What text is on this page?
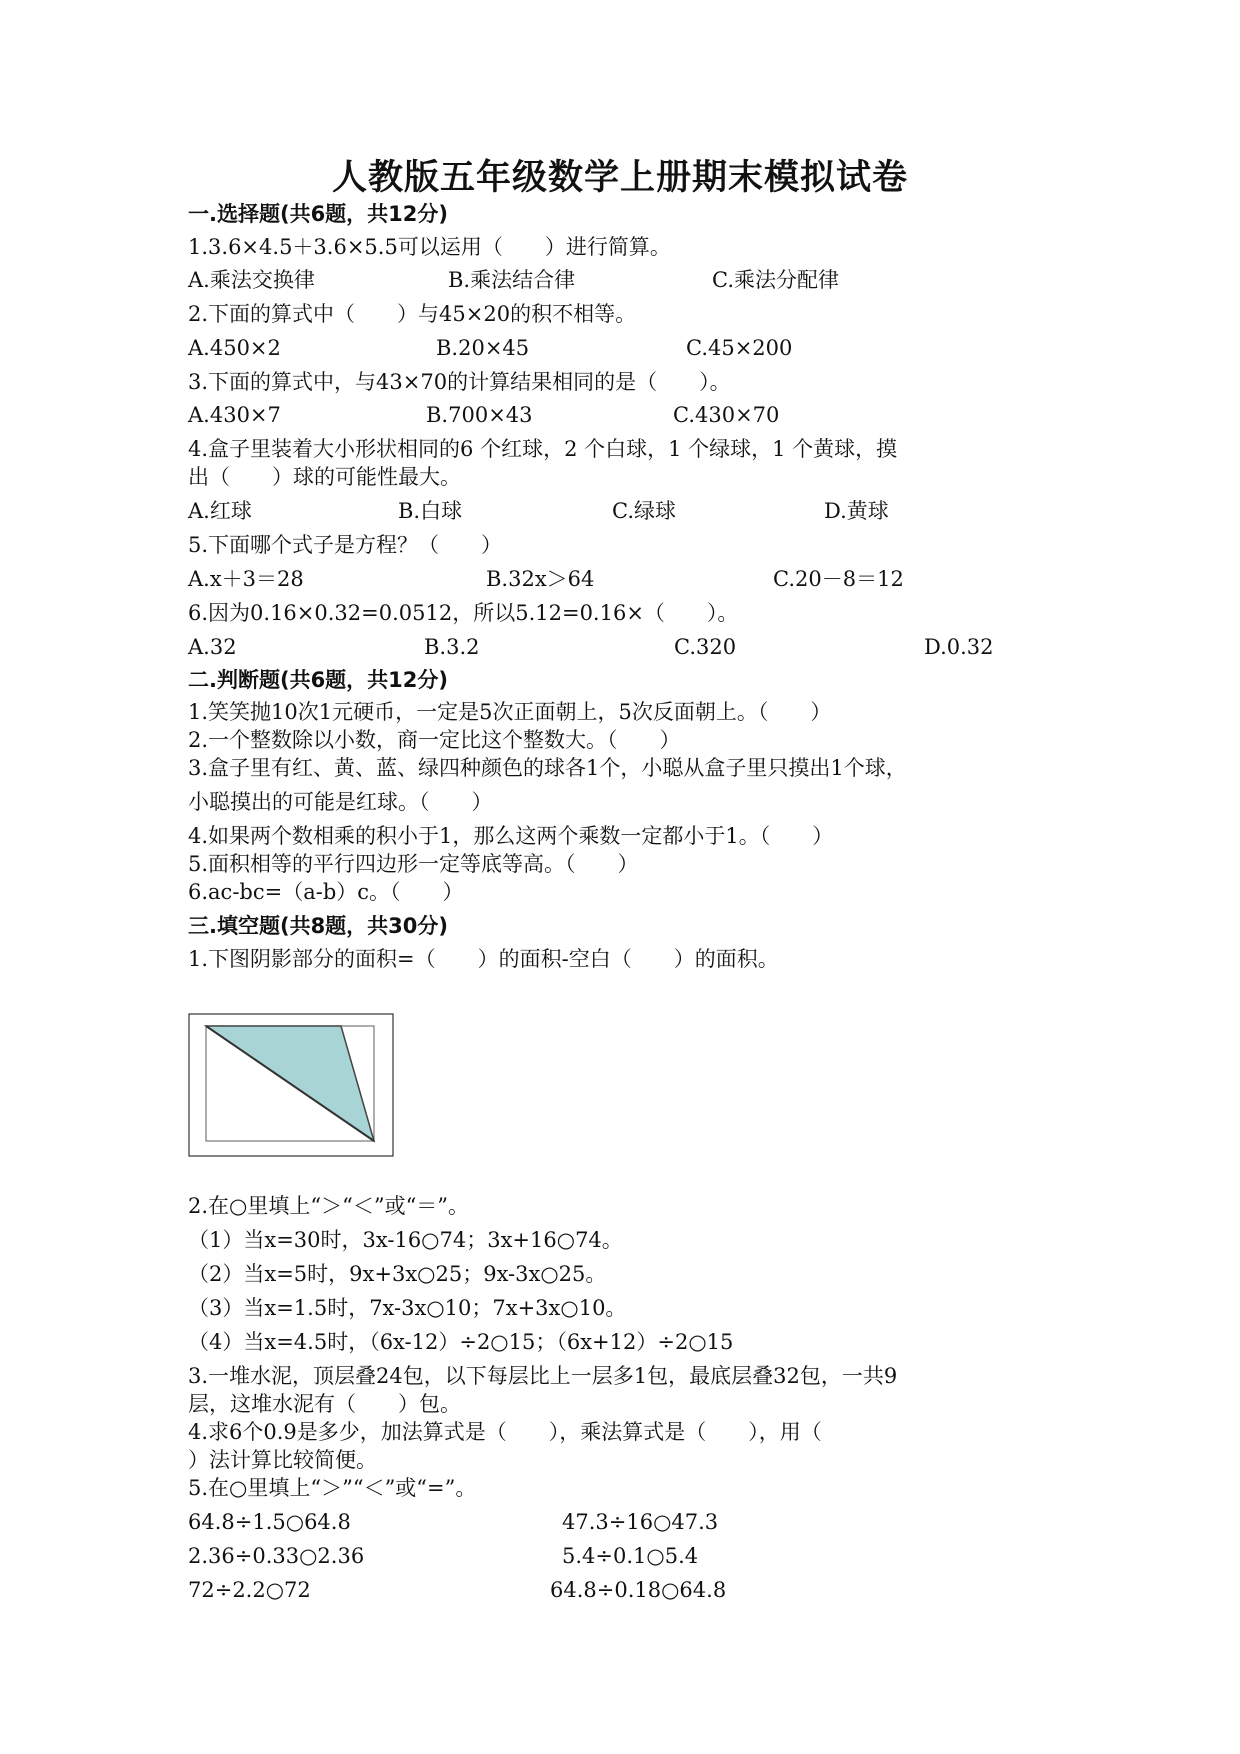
人教版五年级数学上册期末模拟试卷
一.选择题(共6题，共12分)
1.3.6×4.5＋3.6×5.5可以运用（　　）进行简算。
A.乘法交换律	B.乘法结合律	C.乘法分配律
2.下面的算式中（　　）与45×20的积不相等。
A.450×2	B.20×45	C.45×200
3.下面的算式中，与43×70的计算结果相同的是（　　）。
A.430×7	B.700×43	C.430×70
4.盒子里装着大小形状相同的6 个红球，2 个白球，1 个绿球，1 个黄球，摸
出（　　）球的可能性最大。
A.红球	B.白球	C.绿球	D.黄球
5.下面哪个式子是方程？（　　）
A.x＋3＝28	B.32x＞64	C.20－8＝12
6.因为0.16×0.32=0.0512，所以5.12=0.16×（　　）。
A.32	B.3.2	C.320	D.0.32
二.判断题(共6题，共12分)
1.笑笑抛10次1元硬币，一定是5次正面朝上，5次反面朝上。（　　）
2.一个整数除以小数，商一定比这个整数大。（　　）
3.盒子里有红、黄、蓝、绿四种颜色的球各1个，小聪从盒子里只摸出1个球，
小聪摸出的可能是红球。（　　）
4.如果两个数相乘的积小于1，那么这两个乘数一定都小于1。（　　）
5.面积相等的平行四边形一定等底等高。（　　）
6.ac-bc=（a-b）c。（　　）
三.填空题(共8题，共30分)
1.下图阴影部分的面积=（　　）的面积-空白（　　）的面积。
2.在○里填上“＞“＜”或“＝”。
（1）当x=30时，3x-16○74；3x+16○74。
（2）当x=5时，9x+3x○25；9x-3x○25。
（3）当x=1.5时，7x-3x○10；7x+3x○10。
（4）当x=4.5时，（6x-12）÷2○15；（6x+12）÷2○15
3.一堆水泥，顶层叠24包，以下每层比上一层多1包，最底层叠32包，一共9
层，这堆水泥有（　　）包。
4.求6个0.9是多少，加法算式是（　　），乘法算式是（　　），用（
）法计算比较简便。
5.在○里填上“＞”“＜”或“=”。
64.8÷1.5○64.8	47.3÷16○47.3
2.36÷0.33○2.36	5.4÷0.1○5.4
72÷2.2○72	64.8÷0.18○64.8
